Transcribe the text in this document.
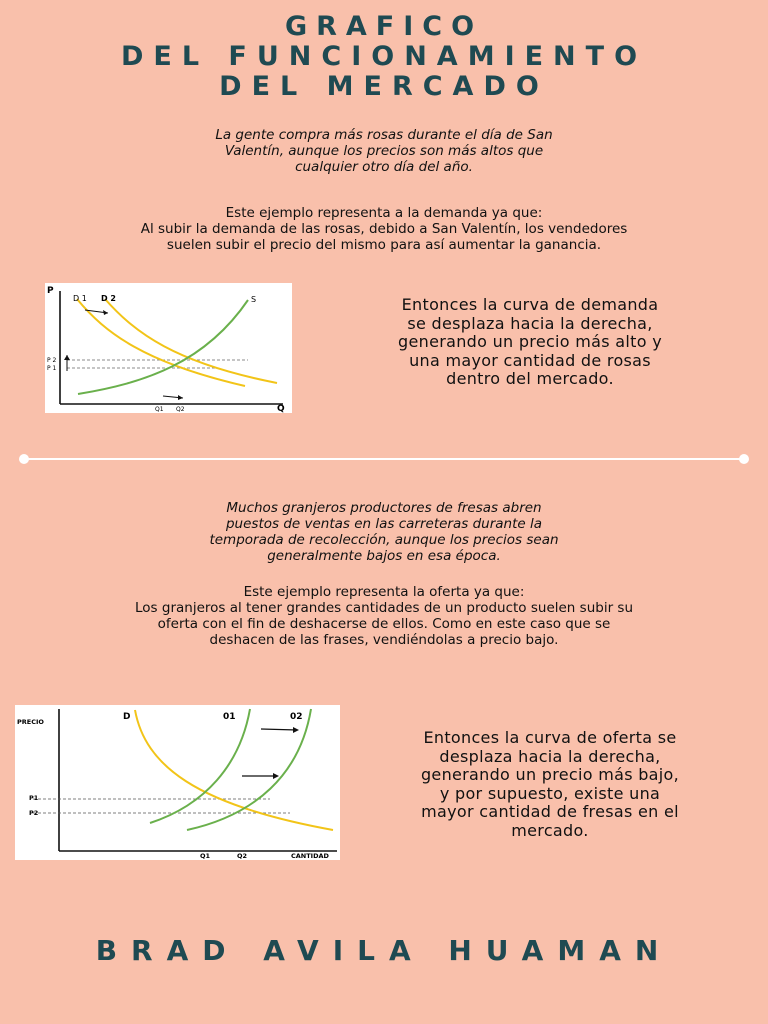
GRAFICO
DEL FUNCIONAMIENTO
DEL MERCADO
La gente compra más rosas durante el día de San
Valentín, aunque los precios son más altos que
cualquier otro día del año.
Este ejemplo representa a la demanda ya que:
Al subir la demanda de las rosas, debido a San Valentín, los vendedores
suelen subir el precio del mismo para así aumentar la ganancia.
P
Q
D 1 D 2	S
P 2
P 1
Q1 Q2
Entonces la curva de demanda
se desplaza hacia la derecha,
generando un precio más alto y
una mayor cantidad de rosas
dentro del mercado.
Muchos granjeros productores de fresas abren
puestos de ventas en las carreteras durante la
temporada de recolección, aunque los precios sean
generalmente bajos en esa época.
Este ejemplo representa la oferta ya que:
Los granjeros al tener grandes cantidades de un producto suelen subir su
oferta con el fin de deshacerse de ellos. Como en este caso que se
deshacen de las frases, vendiéndolas a precio bajo.
PRECIO
CANTIDAD
D	01	02
P1
P2
Q1	Q2
Entonces la curva de oferta se
desplaza hacia la derecha,
generando un precio más bajo,
y por supuesto, existe una
mayor cantidad de fresas en el
mercado.
BRAD AVILA HUAMAN
